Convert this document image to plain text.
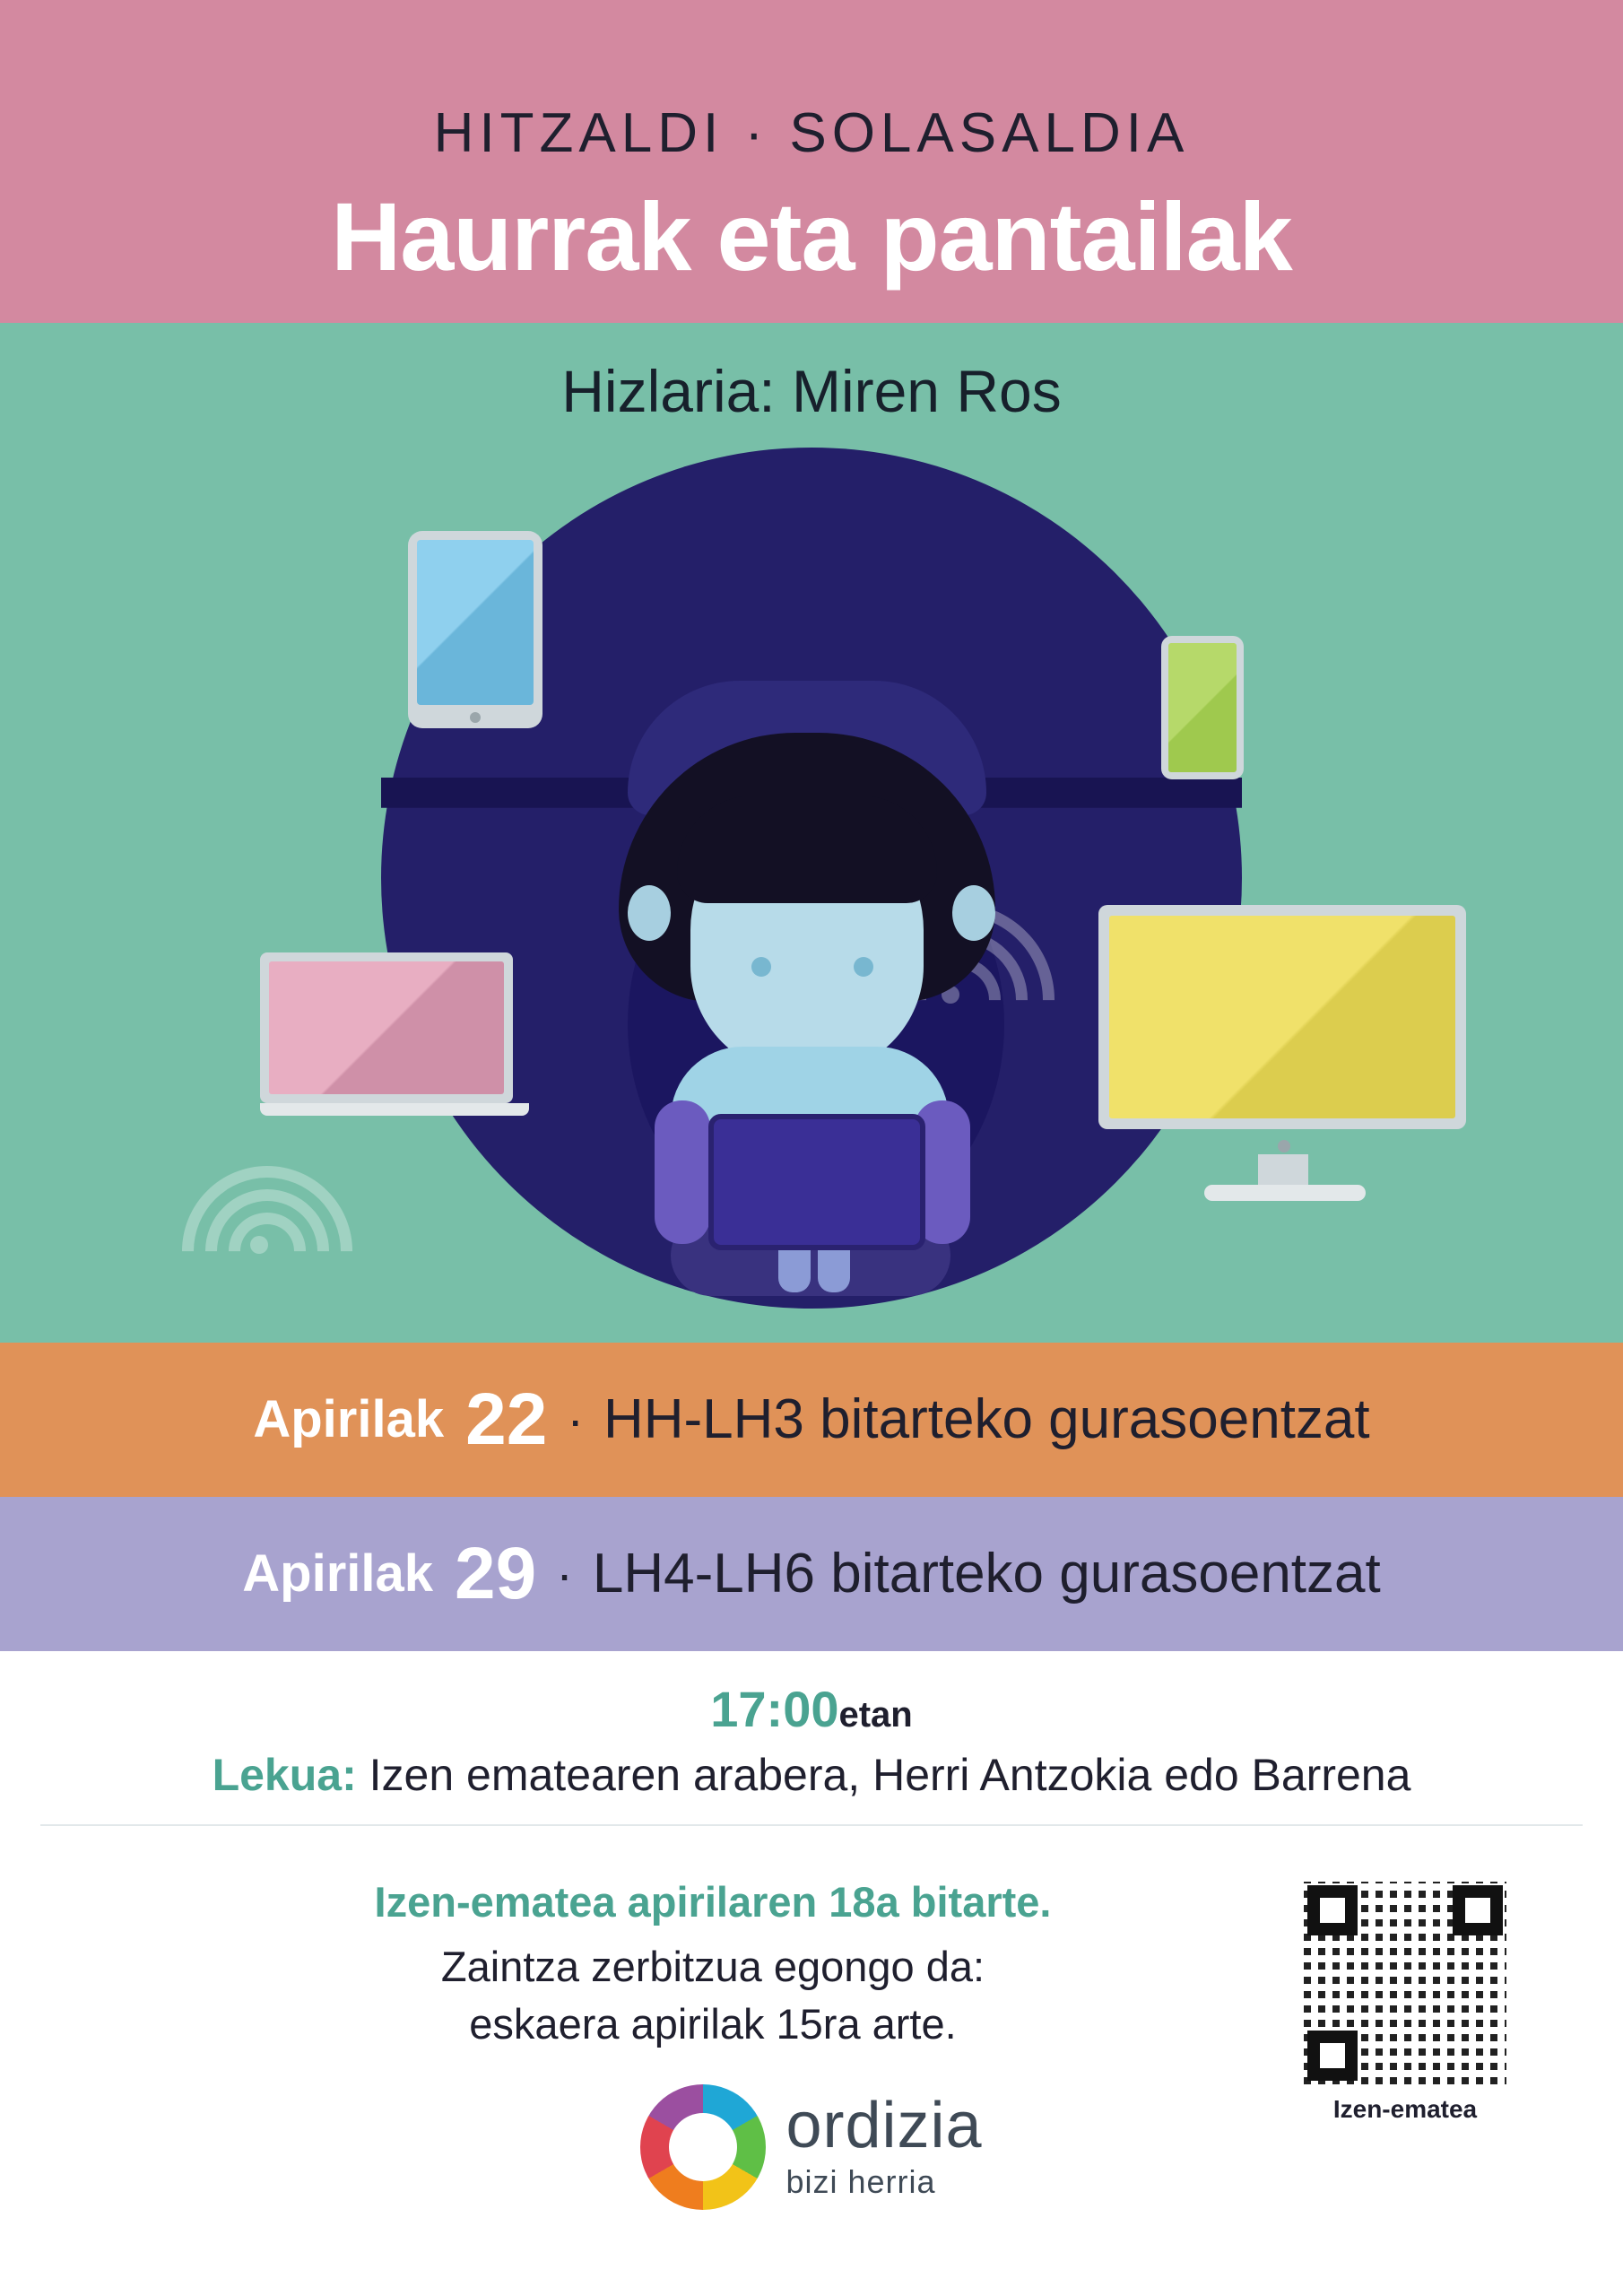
HITZALDI · SOLASALDIA
Haurrak eta pantailak
Hizlaria: Miren Ros
Apirilak 22 · HH-LH3 bitarteko gurasoentzat
Apirilak 29 · LH4-LH6 bitarteko gurasoentzat
17:00etan
Lekua: Izen ematearen arabera, Herri Antzokia edo Barrena
Izen-ematea apirilaren 18a bitarte.
Zaintza zerbitzua egongo da:
eskaera apirilak 15ra arte.
Izen-ematea
ordizia
bizi herria
